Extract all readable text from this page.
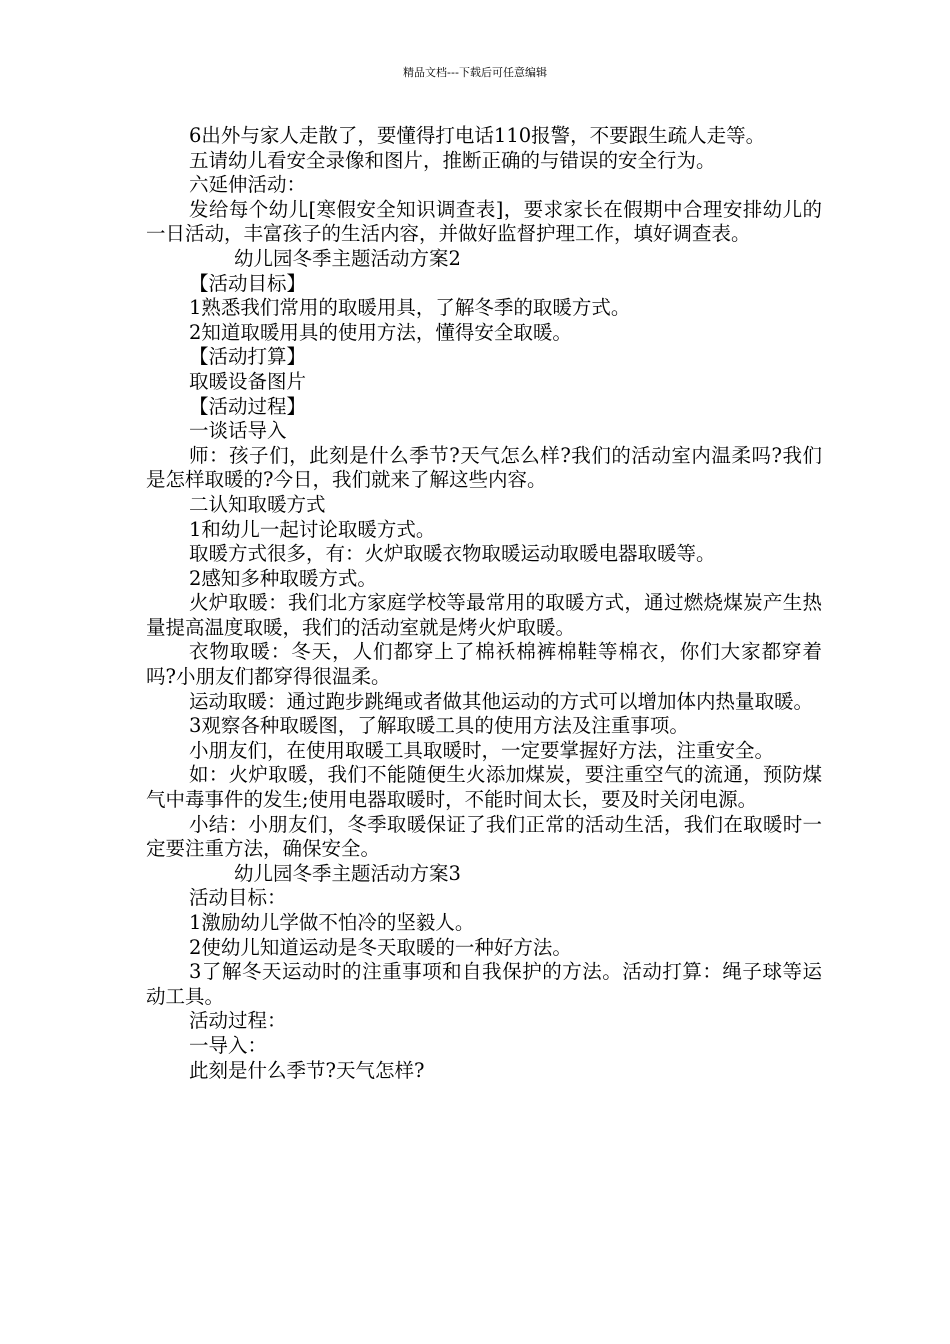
精品文档---下载后可任意编辑

6出外与家人走散了，要懂得打电话110报警，不要跟生疏人走等。

五请幼儿看安全录像和图片，推断正确的与错误的安全行为。

六延伸活动：

发给每个幼儿[寒假安全知识调查表]，要求家长在假期中合理安排幼儿的一日活动，丰富孩子的生活内容，并做好监督护理工作，填好调查表。

幼儿园冬季主题活动方案2

【活动目标】

1熟悉我们常用的取暖用具，了解冬季的取暖方式。

2知道取暖用具的使用方法，懂得安全取暖。

【活动打算】

取暖设备图片

【活动过程】

一谈话导入

师：孩子们，此刻是什么季节?天气怎么样?我们的活动室内温柔吗?我们是怎样取暖的?今日，我们就来了解这些内容。

二认知取暖方式

1和幼儿一起讨论取暖方式。

取暖方式很多，有：火炉取暖衣物取暖运动取暖电器取暖等。

2感知多种取暖方式。

火炉取暖：我们北方家庭学校等最常用的取暖方式，通过燃烧煤炭产生热量提高温度取暖，我们的活动室就是烤火炉取暖。

衣物取暖：冬天，人们都穿上了棉袄棉裤棉鞋等棉衣，你们大家都穿着吗?小朋友们都穿得很温柔。

运动取暖：通过跑步跳绳或者做其他运动的方式可以增加体内热量取暖。

3观察各种取暖图，了解取暖工具的使用方法及注重事项。

小朋友们，在使用取暖工具取暖时，一定要掌握好方法，注重安全。

如：火炉取暖，我们不能随便生火添加煤炭，要注重空气的流通，预防煤气中毒事件的发生;使用电器取暖时，不能时间太长，要及时关闭电源。

小结：小朋友们，冬季取暖保证了我们正常的活动生活，我们在取暖时一定要注重方法，确保安全。

幼儿园冬季主题活动方案3

活动目标：

1激励幼儿学做不怕冷的坚毅人。

2使幼儿知道运动是冬天取暖的一种好方法。

3了解冬天运动时的注重事项和自我保护的方法。活动打算：绳子球等运动工具。

活动过程：

一导入：

此刻是什么季节?天气怎样?
